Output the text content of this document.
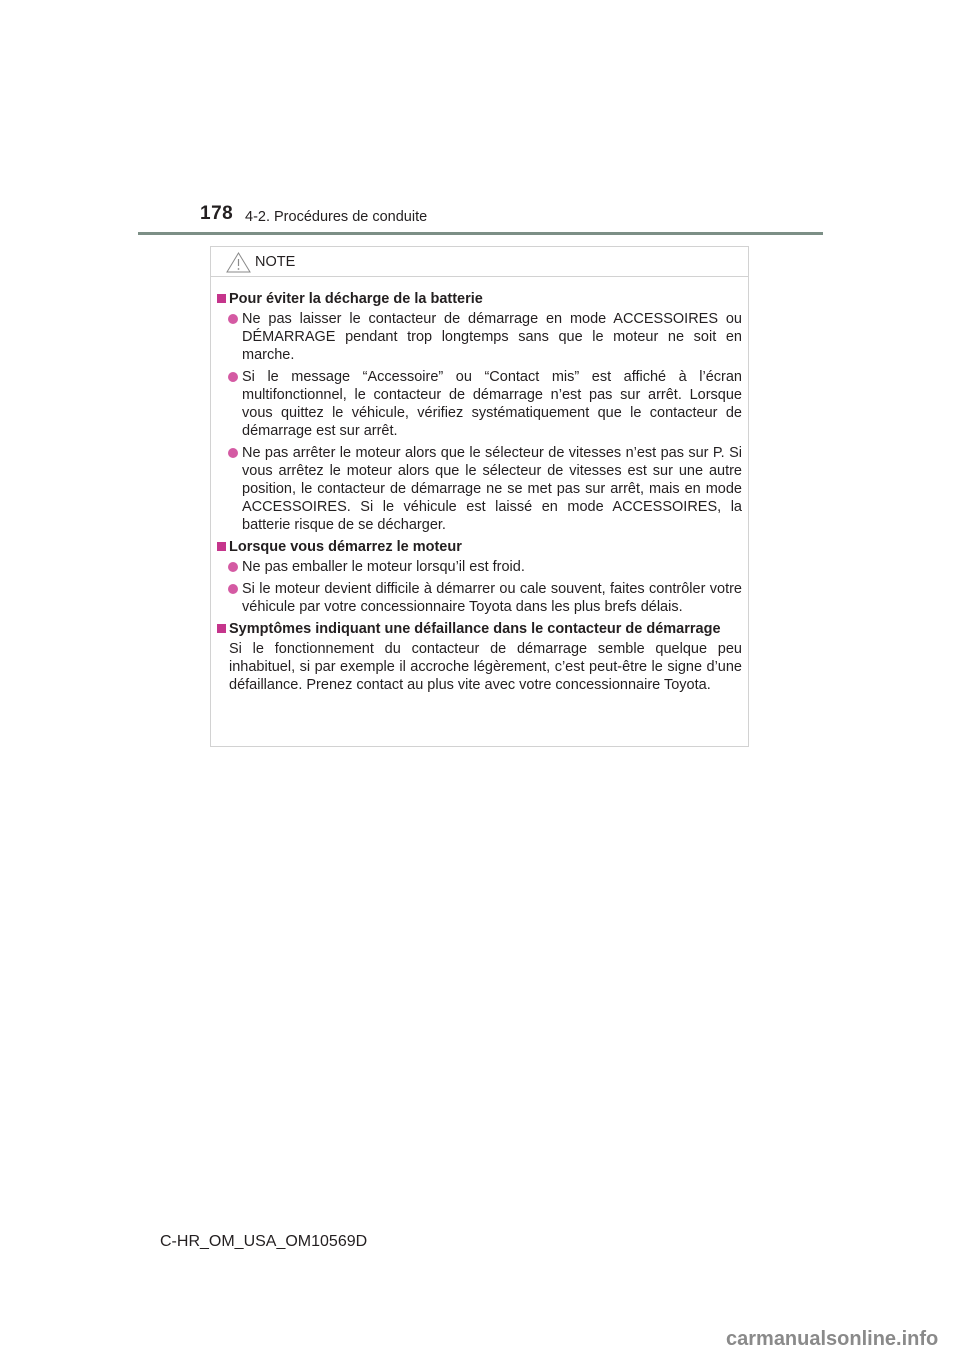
178 4-2. Procédures de conduite
NOTE
Pour éviter la décharge de la batterie
Ne pas laisser le contacteur de démarrage en mode ACCESSOIRES ou DÉMARRAGE pendant trop longtemps sans que le moteur ne soit en marche.
Si le message “Accessoire” ou “Contact mis” est affiché à l’écran multifonctionnel, le contacteur de démarrage n’est pas sur arrêt. Lorsque vous quittez le véhicule, vérifiez systématiquement que le contacteur de démarrage est sur arrêt.
Ne pas arrêter le moteur alors que le sélecteur de vitesses n’est pas sur P. Si vous arrêtez le moteur alors que le sélecteur de vitesses est sur une autre position, le contacteur de démarrage ne se met pas sur arrêt, mais en mode ACCESSOIRES. Si le véhicule est laissé en mode ACCESSOIRES, la batterie risque de se décharger.
Lorsque vous démarrez le moteur
Ne pas emballer le moteur lorsqu’il est froid.
Si le moteur devient difficile à démarrer ou cale souvent, faites contrôler votre véhicule par votre concessionnaire Toyota dans les plus brefs délais.
Symptômes indiquant une défaillance dans le contacteur de démarrage
Si le fonctionnement du contacteur de démarrage semble quelque peu inhabituel, si par exemple il accroche légèrement, c’est peut-être le signe d’une défaillance. Prenez contact au plus vite avec votre concessionnaire Toyota.
C-HR_OM_USA_OM10569D
carmanualsonline.info
